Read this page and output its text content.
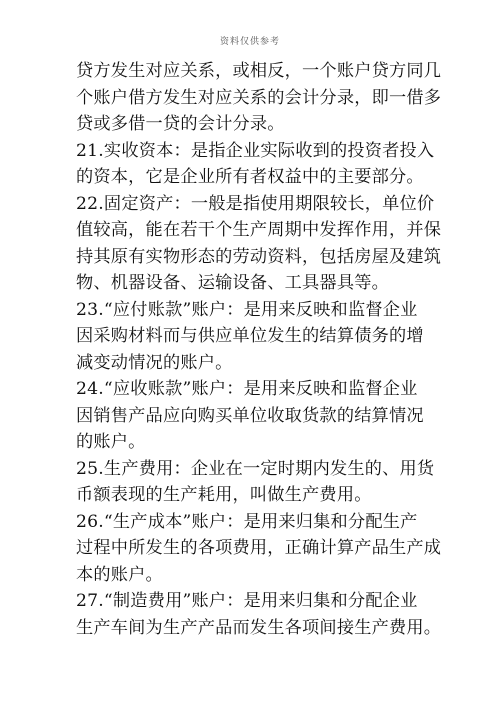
资料仅供参考
贷方发生对应关系，或相反，一个账户贷方同几
个账户借方发生对应关系的会计分录，即一借多
贷或多借一贷的会计分录。
21.实收资本：是指企业实际收到的投资者投入
的资本，它是企业所有者权益中的主要部分。
22.固定资产：一般是指使用期限较长，单位价
值较高，能在若干个生产周期中发挥作用，并保
持其原有实物形态的劳动资料，包括房屋及建筑
物、机器设备、运输设备、工具器具等。
23.“应付账款”账户：是用来反映和监督企业
因采购材料而与供应单位发生的结算债务的增
减变动情况的账户。
24.“应收账款”账户：是用来反映和监督企业
因销售产品应向购买单位收取货款的结算情况
的账户。
25.生产费用：企业在一定时期内发生的、用货
币额表现的生产耗用，叫做生产费用。
26.“生产成本”账户：是用来归集和分配生产
过程中所发生的各项费用，正确计算产品生产成
本的账户。
27.“制造费用”账户：是用来归集和分配企业
生产车间为生产产品而发生各项间接生产费用。
